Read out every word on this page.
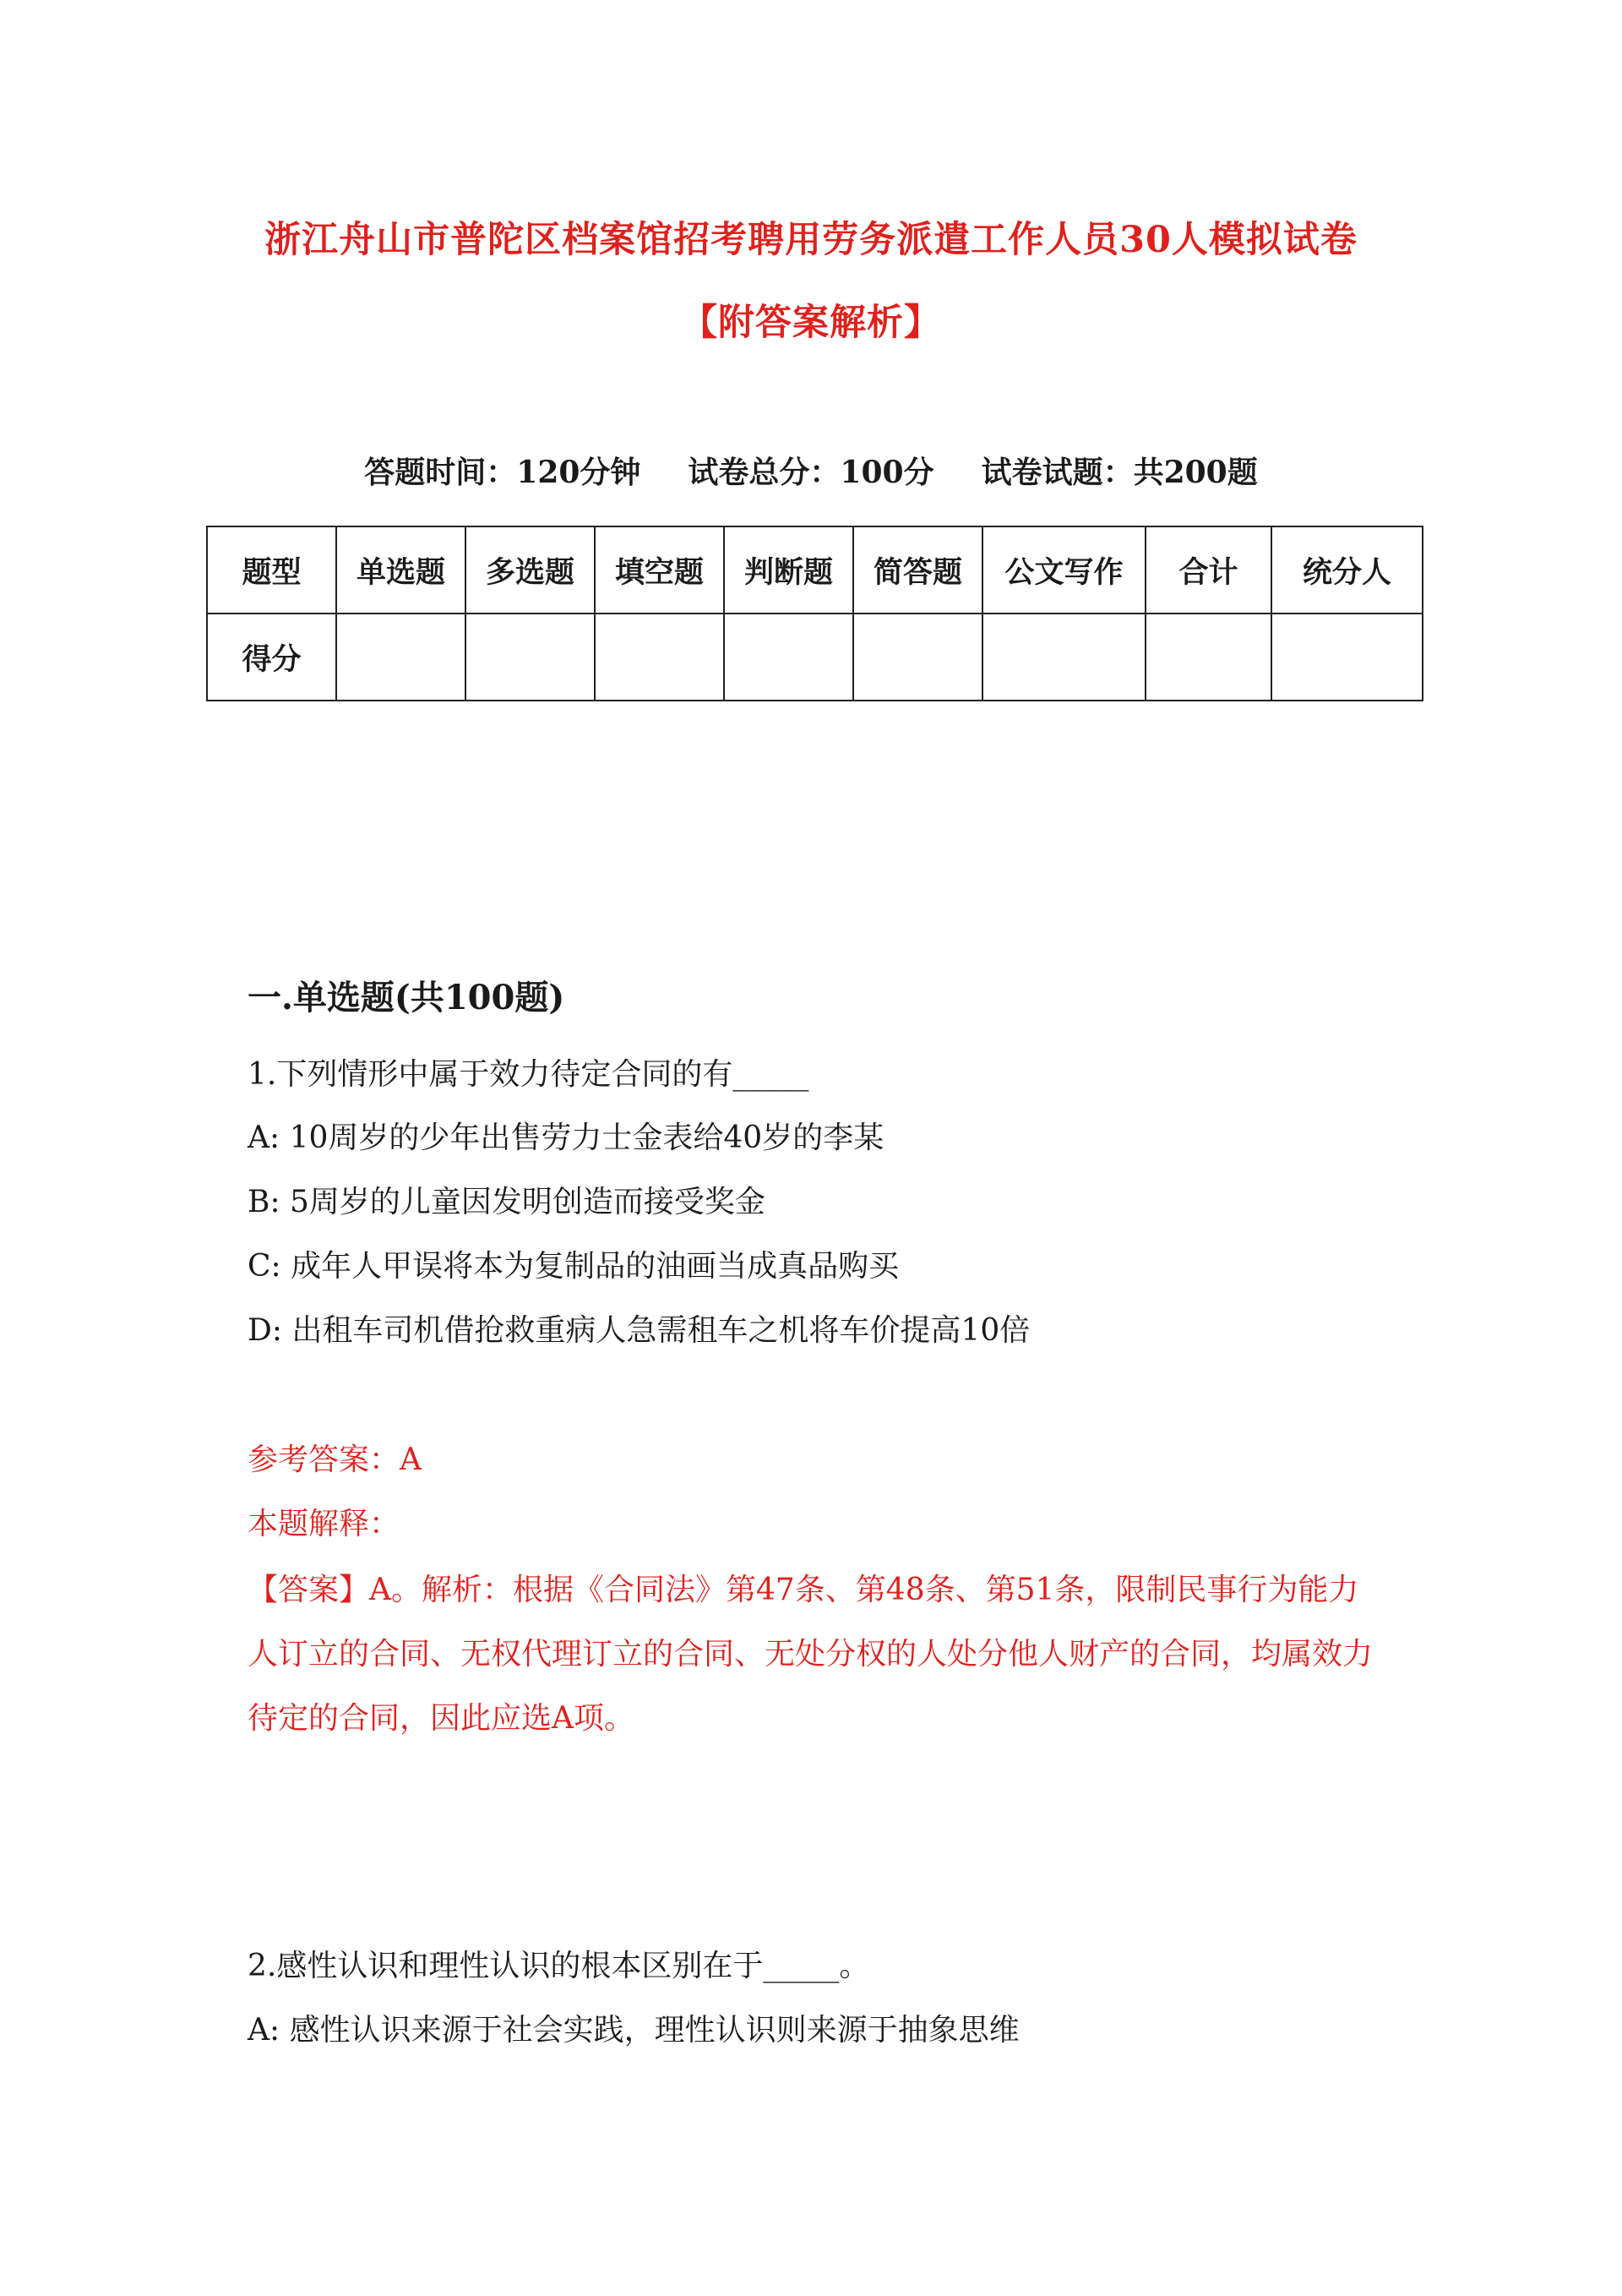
浙江舟山市普陀区档案馆招考聘用劳务派遣工作人员30人模拟试卷
【附答案解析】
答题时间：120分钟 试卷总分：100分 试卷试题：共200题
题型	单选题	多选题	填空题	判断题	简答题	公文写作	合计	统分人
得分								
一.单选题(共100题)
1.下列情形中属于效力待定合同的有_____
A: 10周岁的少年出售劳力士金表给40岁的李某
B: 5周岁的儿童因发明创造而接受奖金
C: 成年人甲误将本为复制品的油画当成真品购买
D: 出租车司机借抢救重病人急需租车之机将车价提高10倍
参考答案：A
本题解释：
【答案】A。解析：根据《合同法》第47条、第48条、第51条，限制民事行为能力人订立的合同、无权代理订立的合同、无处分权的人处分他人财产的合同，均属效力待定的合同，因此应选A项。
2.感性认识和理性认识的根本区别在于_____。
A: 感性认识来源于社会实践，理性认识则来源于抽象思维
